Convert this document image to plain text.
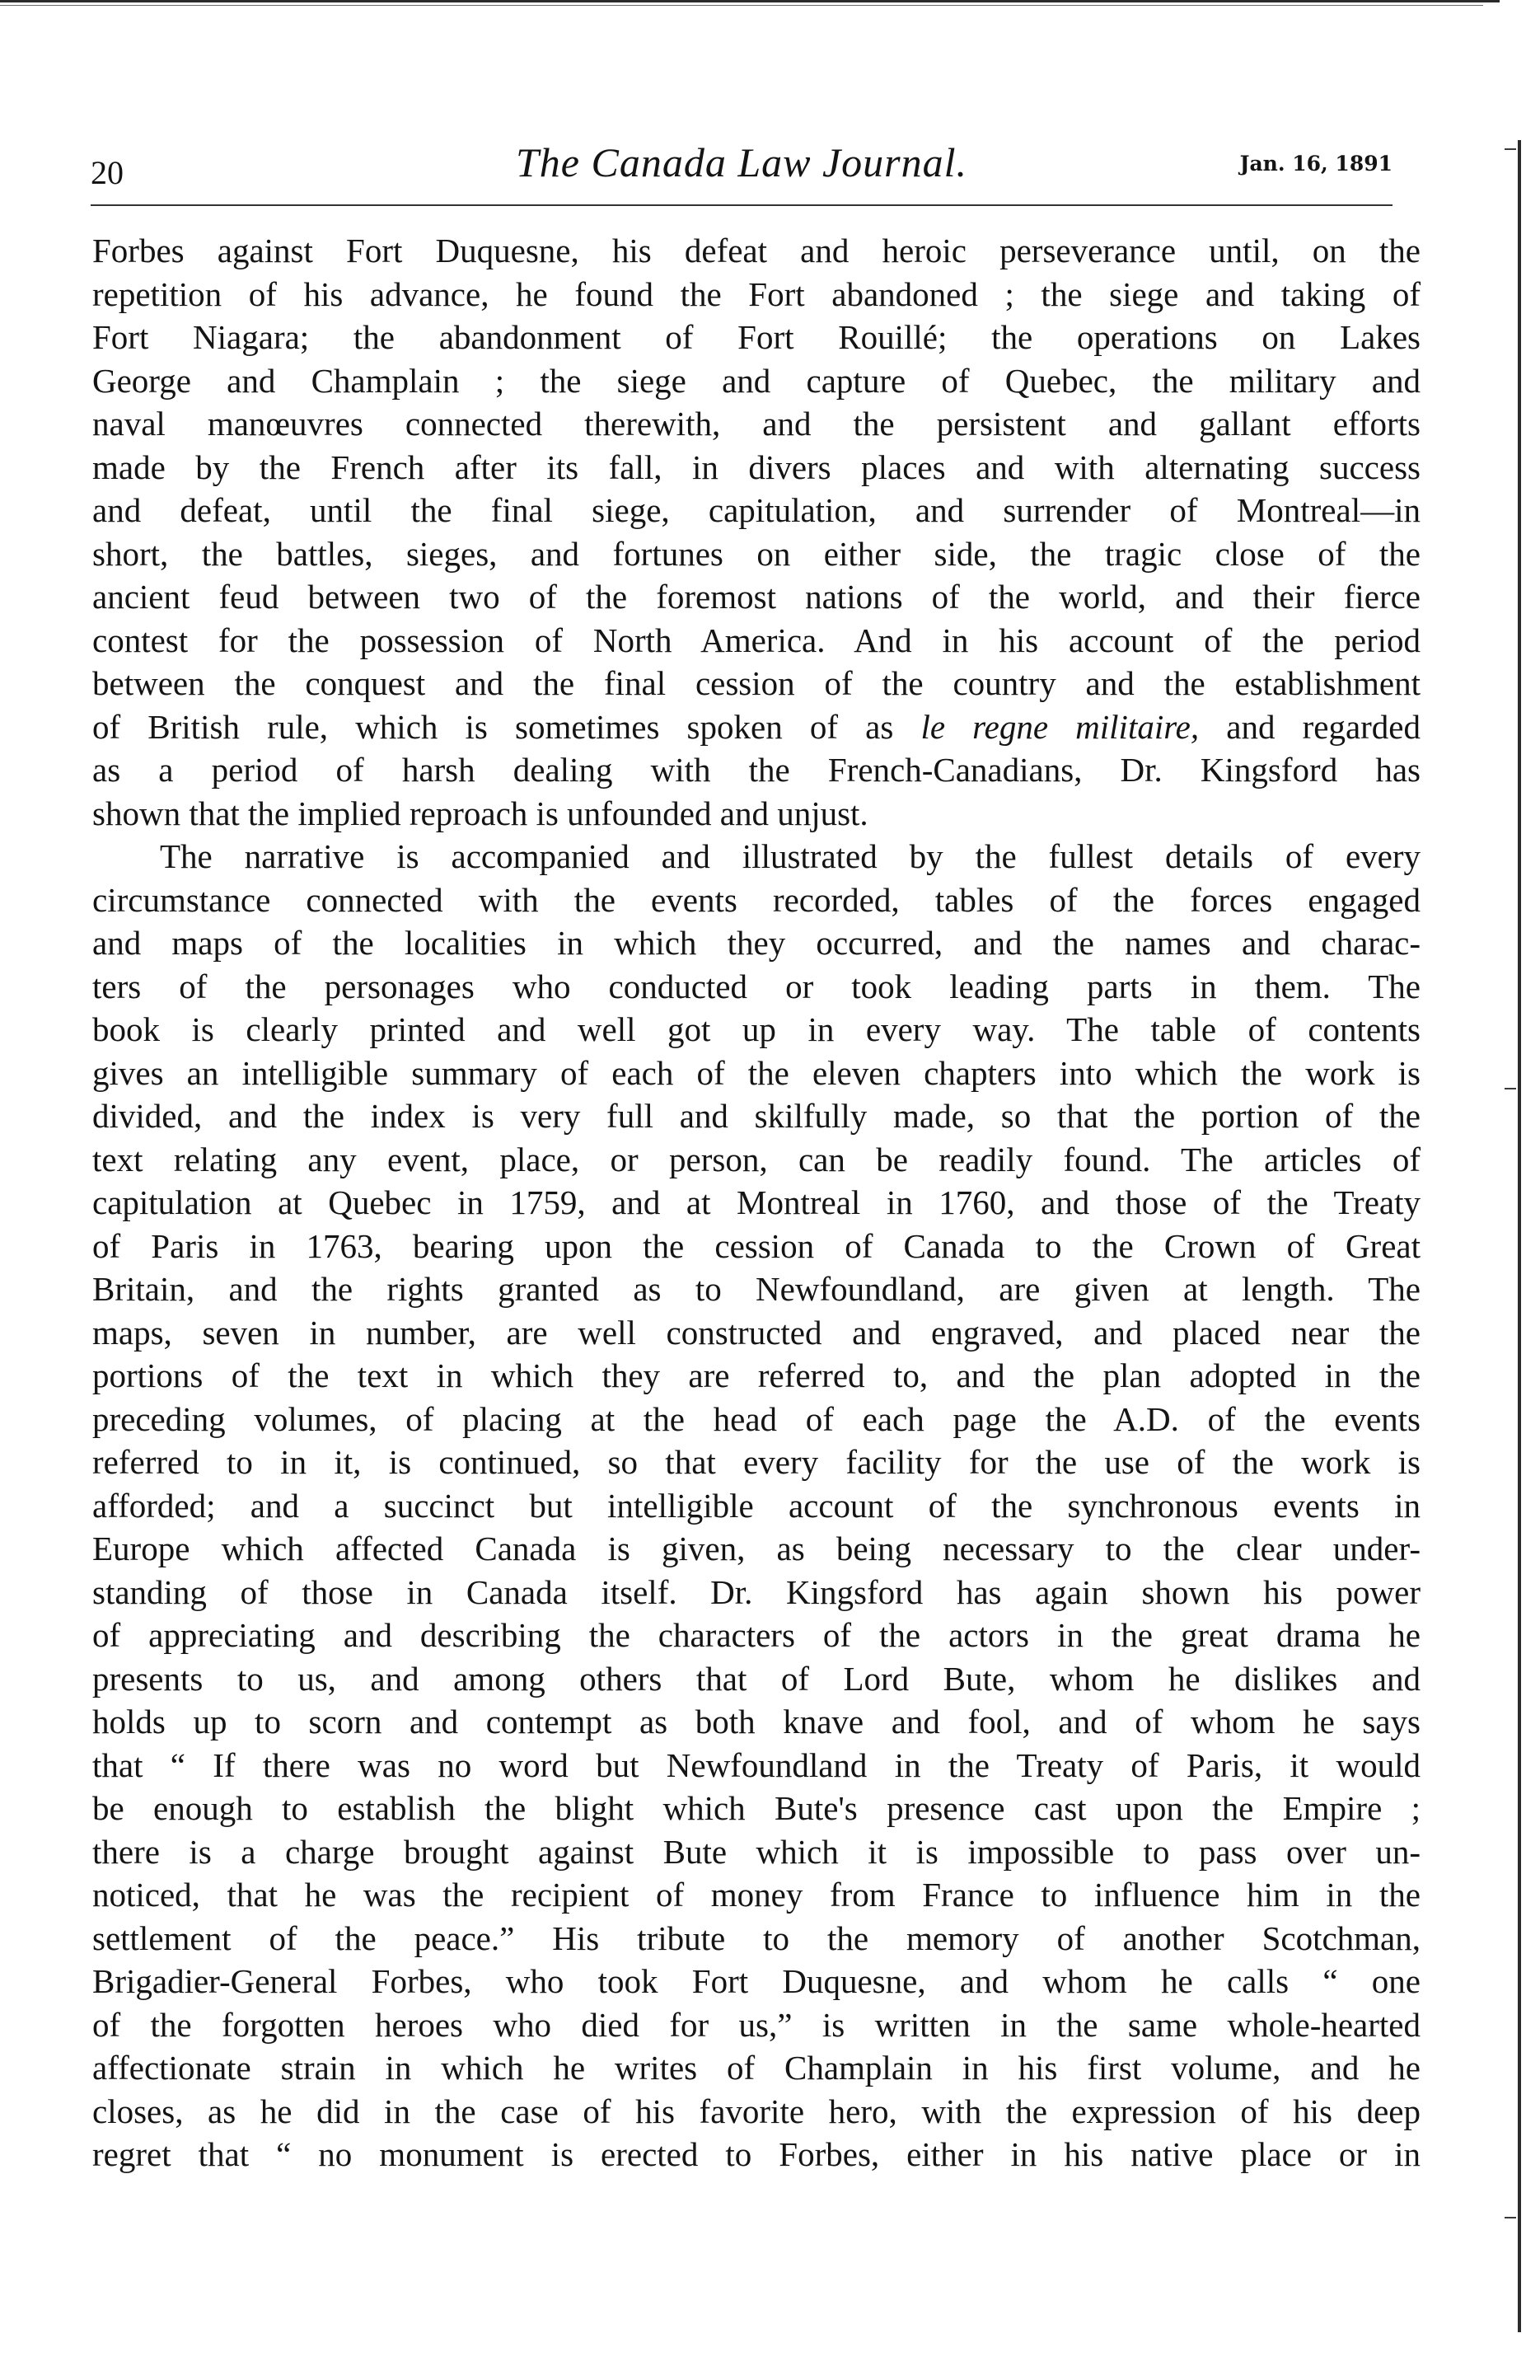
20	The Canada Law Journal.	Jan. 16, 1891
Forbes against Fort Duquesne, his defeat and heroic perseverance until, on the
repetition of his advance, he found the Fort abandoned ; the siege and taking of
Fort Niagara; the abandonment of Fort Rouillé; the operations on Lakes
George and Champlain ; the siege and capture of Quebec, the military and
naval manœuvres connected therewith, and the persistent and gallant efforts
made by the French after its fall, in divers places and with alternating success
and defeat, until the final siege, capitulation, and surrender of Montreal—in
short, the battles, sieges, and fortunes on either side, the tragic close of the
ancient feud between two of the foremost nations of the world, and their fierce
contest for the possession of North America. And in his account of the period
between the conquest and the final cession of the country and the establishment
of British rule, which is sometimes spoken of as le regne militaire, and regarded
as a period of harsh dealing with the French-Canadians, Dr. Kingsford has
shown that the implied reproach is unfounded and unjust.
The narrative is accompanied and illustrated by the fullest details of every
circumstance connected with the events recorded, tables of the forces engaged
and maps of the localities in which they occurred, and the names and charac-
ters of the personages who conducted or took leading parts in them. The
book is clearly printed and well got up in every way. The table of contents
gives an intelligible summary of each of the eleven chapters into which the work is
divided, and the index is very full and skilfully made, so that the portion of the
text relating any event, place, or person, can be readily found. The articles of
capitulation at Quebec in 1759, and at Montreal in 1760, and those of the Treaty
of Paris in 1763, bearing upon the cession of Canada to the Crown of Great
Britain, and the rights granted as to Newfoundland, are given at length. The
maps, seven in number, are well constructed and engraved, and placed near the
portions of the text in which they are referred to, and the plan adopted in the
preceding volumes, of placing at the head of each page the A.D. of the events
referred to in it, is continued, so that every facility for the use of the work is
afforded; and a succinct but intelligible account of the synchronous events in
Europe which affected Canada is given, as being necessary to the clear under-
standing of those in Canada itself. Dr. Kingsford has again shown his power
of appreciating and describing the characters of the actors in the great drama he
presents to us, and among others that of Lord Bute, whom he dislikes and
holds up to scorn and contempt as both knave and fool, and of whom he says
that “ If there was no word but Newfoundland in the Treaty of Paris, it would
be enough to establish the blight which Bute's presence cast upon the Empire ;
there is a charge brought against Bute which it is impossible to pass over un-
noticed, that he was the recipient of money from France to influence him in the
settlement of the peace.” His tribute to the memory of another Scotchman,
Brigadier-General Forbes, who took Fort Duquesne, and whom he calls “ one
of the forgotten heroes who died for us,” is written in the same whole-hearted
affectionate strain in which he writes of Champlain in his first volume, and he
closes, as he did in the case of his favorite hero, with the expression of his deep
regret that “ no monument is erected to Forbes, either in his native place or in
